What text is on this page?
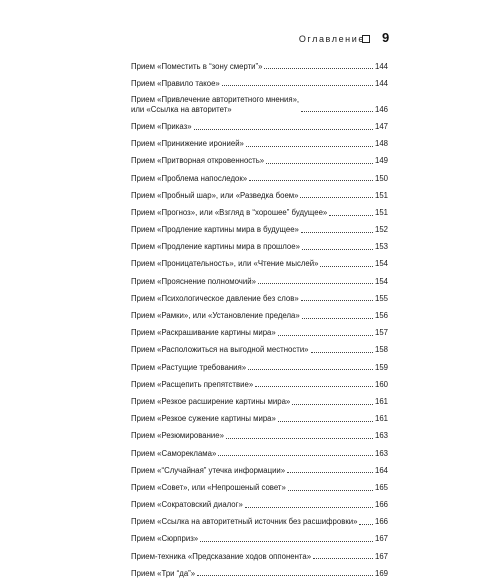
Оглавление 9
Прием «Поместить в “зону смерти”»	144
Прием «Правило такое»	144
Прием «Привлечение авторитетного мнения»,
или «Ссылка на авторитет»	146
Прием «Приказ»	147
Прием «Принижение иронией»	148
Прием «Притворная откровенность»	149
Прием «Проблема напоследок»	150
Прием «Пробный шар», или «Разведка боем»	151
Прием «Прогноз», или «Взгляд в “хорошее” будущее»	151
Прием «Продление картины мира в будущее»	152
Прием «Продление картины мира в прошлое»	153
Прием «Проницательность», или «Чтение мыслей»	154
Прием «Прояснение полномочий»	154
Прием «Психологическое давление без слов»	155
Прием «Рамки», или «Установление предела»	156
Прием «Раскрашивание картины мира»	157
Прием «Расположиться на выгодной местности»	158
Прием «Растущие требования»	159
Прием «Расщепить препятствие»	160
Прием «Резкое расширение картины мира»	161
Прием «Резкое сужение картины мира»	161
Прием «Резюмирование»	163
Прием «Самореклама»	163
Прием «“Случайная” утечка информации»	164
Прием «Совет», или «Непрошеный совет»	165
Прием «Сократовский диалог»	166
Прием «Ссылка на авторитетный источник без расшифровки» 166
Прием «Сюрприз»	167
Прием-техника «Предсказание ходов оппонента»	167
Прием «Три “да”»	169
